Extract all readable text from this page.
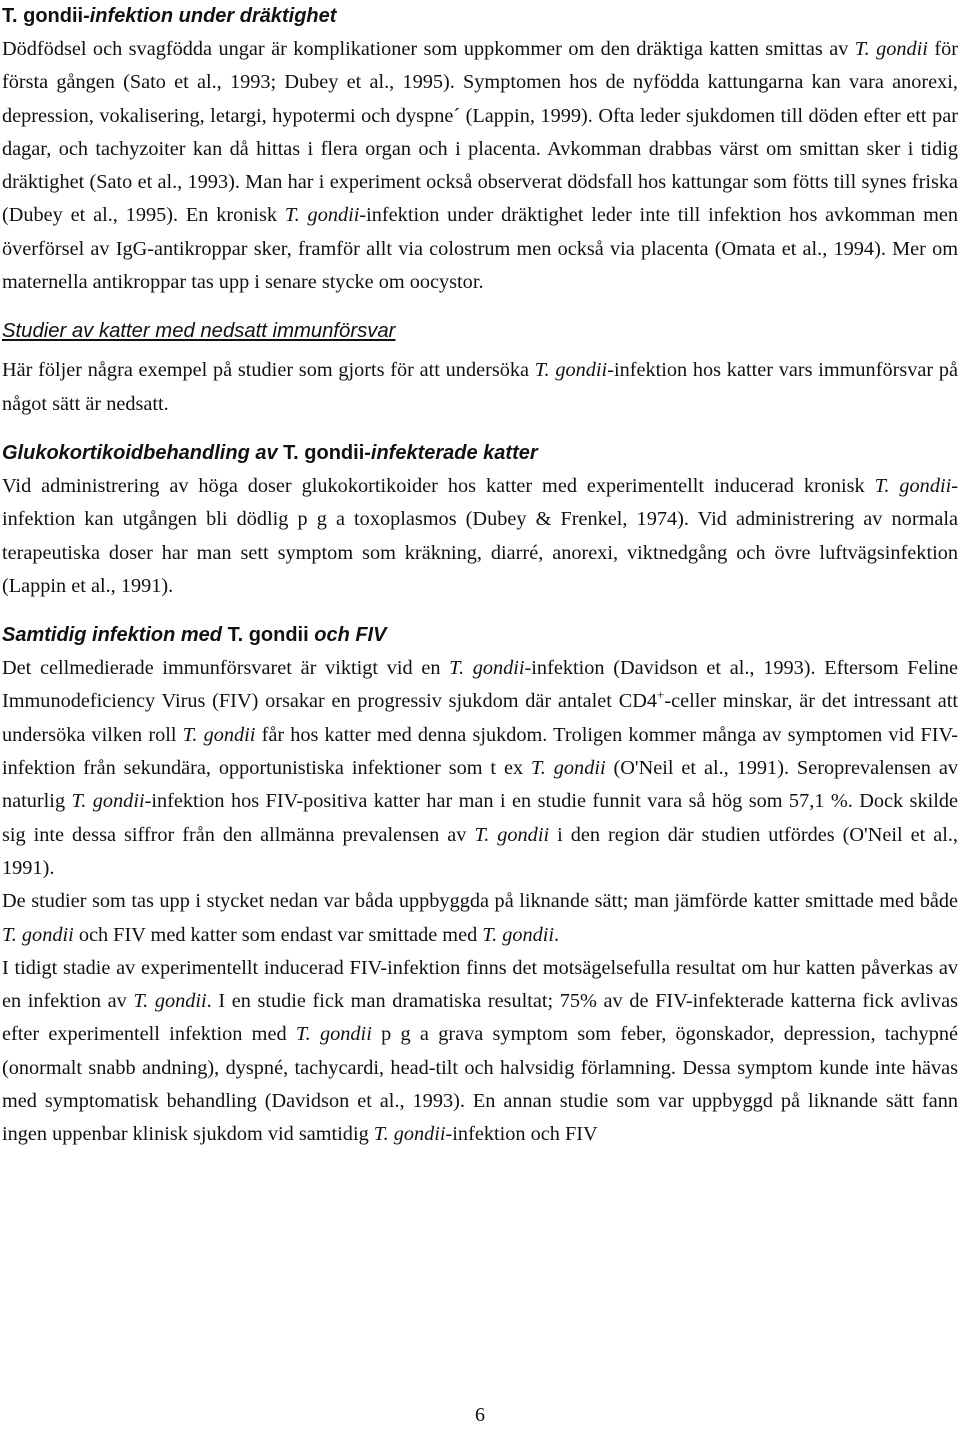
T. gondii-infektion under dräktighet

Dödfödsel och svagfödda ungar är komplikationer som uppkommer om den dräktiga katten smittas av T. gondii för första gången (Sato et al., 1993; Dubey et al., 1995). Symptomen hos de nyfödda kattungarna kan vara anorexi, depression, vokalisering, letargi, hypotermi och dyspne´ (Lappin, 1999). Ofta leder sjukdomen till döden efter ett par dagar, och tachyzoiter kan då hittas i flera organ och i placenta. Avkomman drabbas värst om smittan sker i tidig dräktighet (Sato et al., 1993). Man har i experiment också observerat dödsfall hos kattungar som fötts till synes friska (Dubey et al., 1995). En kronisk T. gondii-infektion under dräktighet leder inte till infektion hos avkomman men överförsel av IgG-antikroppar sker, framför allt via colostrum men också via placenta (Omata et al., 1994). Mer om maternella antikroppar tas upp i senare stycke om oocystor.

Studier av katter med nedsatt immunförsvar

Här följer några exempel på studier som gjorts för att undersöka T. gondii-infektion hos katter vars immunförsvar på något sätt är nedsatt.

Glukokortikoidbehandling av T. gondii-infekterade katter

Vid administrering av höga doser glukokortikoider hos katter med experimentellt inducerad kronisk T. gondii-infektion kan utgången bli dödlig p g a toxoplasmos (Dubey & Frenkel, 1974). Vid administrering av normala terapeutiska doser har man sett symptom som kräkning, diarré, anorexi, viktnedgång och övre luftvägsinfektion (Lappin et al., 1991).

Samtidig infektion med T. gondii och FIV

Det cellmedierade immunförsvaret är viktigt vid en T. gondii-infektion (Davidson et al., 1993). Eftersom Feline Immunodeficiency Virus (FIV) orsakar en progressiv sjukdom där antalet CD4+-celler minskar, är det intressant att undersöka vilken roll T. gondii får hos katter med denna sjukdom. Troligen kommer många av symptomen vid FIV-infektion från sekundära, opportunistiska infektioner som t ex T. gondii (O'Neil et al., 1991). Seroprevalensen av naturlig T. gondii-infektion hos FIV-positiva katter har man i en studie funnit vara så hög som 57,1 %. Dock skilde sig inte dessa siffror från den allmänna prevalensen av T. gondii i den region där studien utfördes (O'Neil et al., 1991).

De studier som tas upp i stycket nedan var båda uppbyggda på liknande sätt; man jämförde katter smittade med både T. gondii och FIV med katter som endast var smittade med T. gondii.

I tidigt stadie av experimentellt inducerad FIV-infektion finns det motsägelsefulla resultat om hur katten påverkas av en infektion av T. gondii. I en studie fick man dramatiska resultat; 75% av de FIV-infekterade katterna fick avlivas efter experimentell infektion med T. gondii p g a grava symptom som feber, ögonskador, depression, tachypné (onormalt snabb andning), dyspné, tachycardi, head-tilt och halvsidig förlamning. Dessa symptom kunde inte hävas med symptomatisk behandling (Davidson et al., 1993). En annan studie som var uppbyggd på liknande sätt fann ingen uppenbar klinisk sjukdom vid samtidig T. gondii-infektion och FIV

6
